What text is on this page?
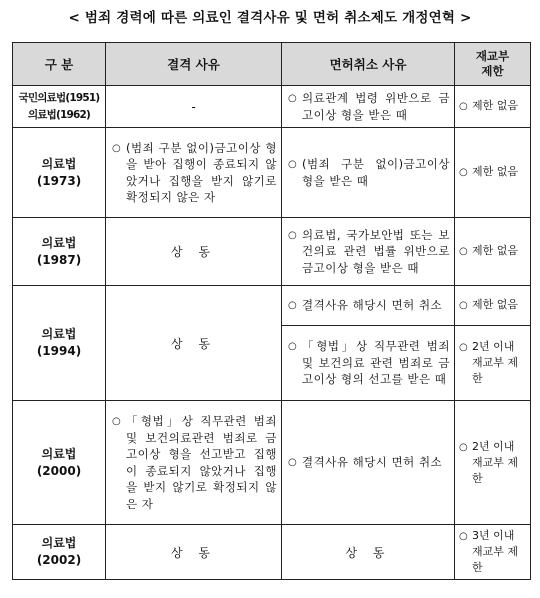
< 범죄 경력에 따른 의료인 결격사유 및 면허 취소제도 개정연혁 >
구 분	결격 사유	면허취소 사유	재교부
제한
국민의료법(1951)
의료법(1962)	-	○ 의료관계 법령 위반으로 금고이상 형을 받은 때	○ 제한 없음

의료법
(1973)	○ (범죄 구분 없이)금고이상 형을 받아 집행이 종료되지 않았거나 집행을 받지 않기로 확정되지 않은 자	○ (범죄 구분 없이)금고이상 형을 받은 때	○ 제한 없음

의료법
(1987)	상 동	○ 의료법, 국가보안법 또는 보건의료 관련 법률 위반으로 금고이상 형을 받은 때	○ 제한 없음

의료법
(1994)	상 동	○ 결격사유 해당시 면허 취소	○ 제한 없음

		○ 「형법」상 직무관련 범죄 및 보건의료 관련 범죄로 금고이상 형의 선고를 받은 때	○ 2년 이내 재교부 제한

의료법
(2000)	○ 「형법」상 직무관련 범죄 및 보건의료관련 범죄로 금고이상 형을 선고받고 집행이 종료되지 않았거나 집행을 받지 않기로 확정되지 않은 자	○ 결격사유 해당시 면허 취소	○ 2년 이내 재교부 제한

의료법
(2002)	상 동	상 동	○ 3년 이내 재교부 제한
